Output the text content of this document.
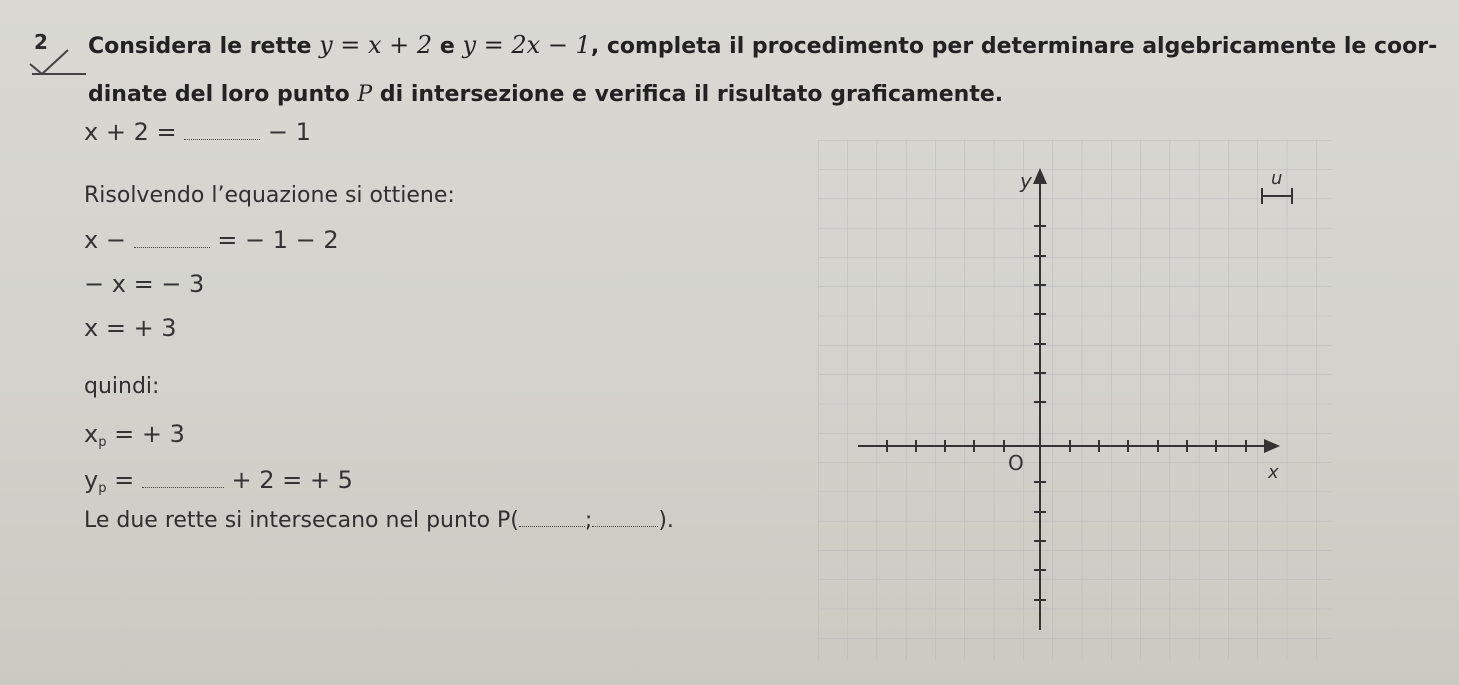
2 Considera le rette y = x + 2 e y = 2x − 1, completa il procedimento per determinare algebricamente le coor-
dinate del loro punto P di intersezione e verifica il risultato graficamente.
x + 2 =	− 1
Risolvendo l’equazione si ottiene:
x −	= − 1 − 2
− x = − 3
x = + 3
quindi:
$x_p$ = + 3
$y_p$ =	+ 2 = + 5
Le due rette si intersecano nel punto P(	;	).
y
x
O
u
